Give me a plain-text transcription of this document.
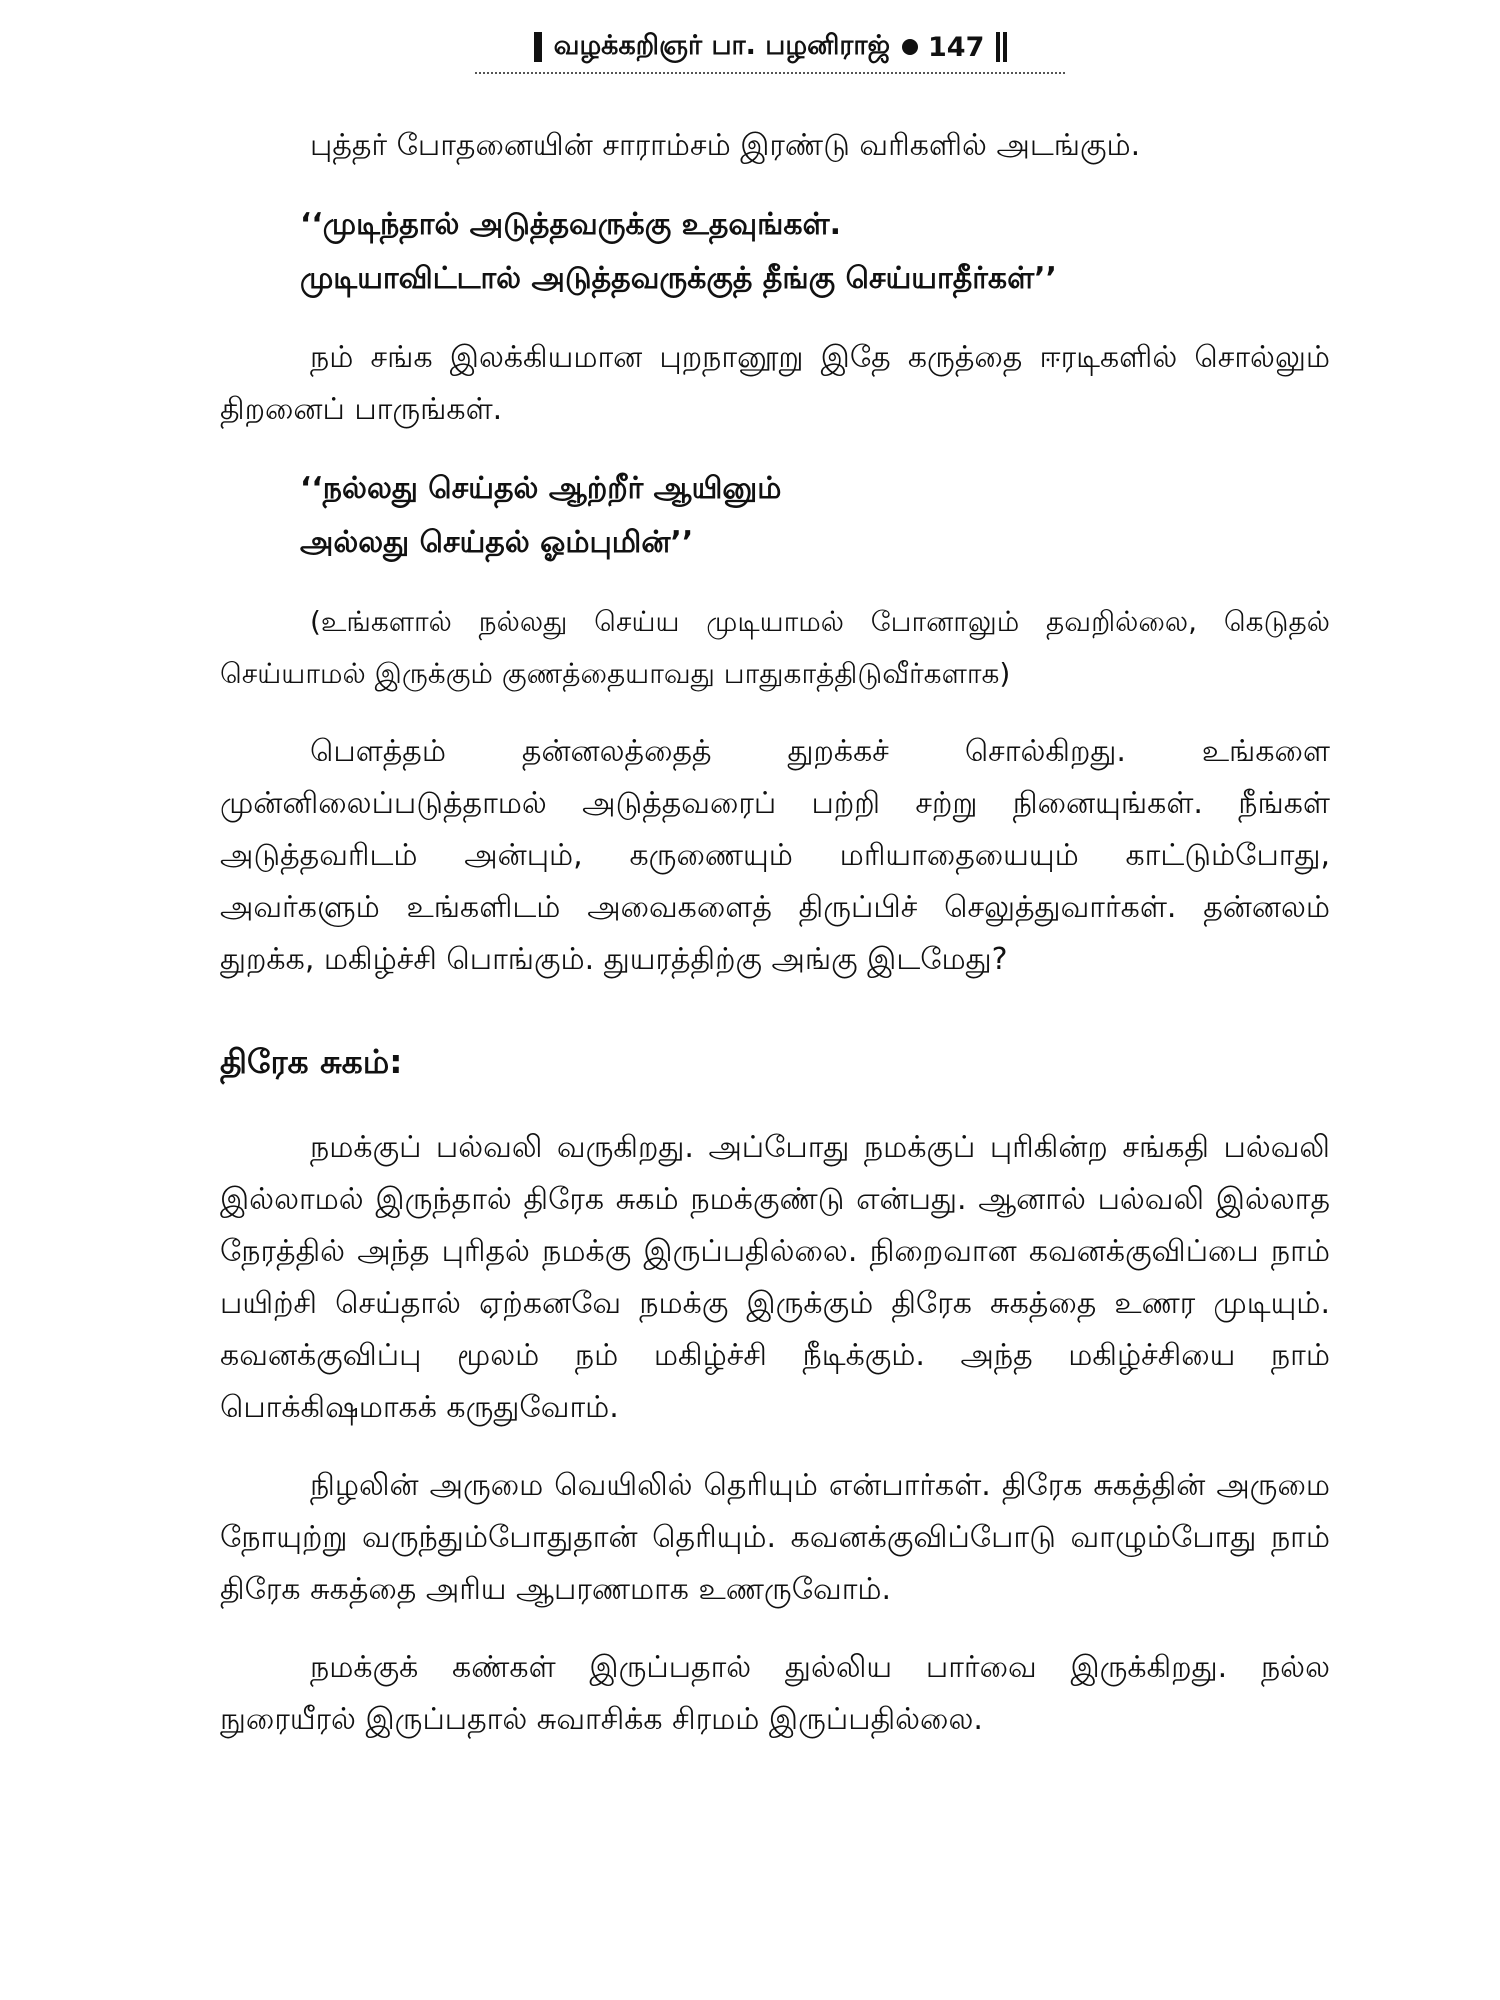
வழக்கறிஞர் பா. பழனிராஜ் 147

புத்தர் போதனையின் சாராம்சம் இரண்டு வரிகளில் அடங்கும்.

‘‘முடிந்தால் அடுத்தவருக்கு உதவுங்கள்.
முடியாவிட்டால் அடுத்தவருக்குத் தீங்கு செய்யாதீர்கள்’’

நம் சங்க இலக்கியமான புறநானூறு இதே கருத்தை ஈரடிகளில் சொல்லும் திறனைப் பாருங்கள்.

‘‘நல்லது செய்தல் ஆற்றீர் ஆயினும்
அல்லது செய்தல் ஓம்புமின்’’

(உங்களால் நல்லது செய்ய முடியாமல் போனாலும் தவறில்லை, கெடுதல் செய்யாமல் இருக்கும் குணத்தையாவது பாதுகாத்திடுவீர்களாக)

பௌத்தம் தன்னலத்தைத் துறக்கச் சொல்கிறது. உங்களை முன்னிலைப்படுத்தாமல் அடுத்தவரைப் பற்றி சற்று நினையுங்கள். நீங்கள் அடுத்தவரிடம் அன்பும், கருணையும் மரியாதையையும் காட்டும்போது, அவர்களும் உங்களிடம் அவைகளைத் திருப்பிச் செலுத்துவார்கள். தன்னலம் துறக்க, மகிழ்ச்சி பொங்கும். துயரத்திற்கு அங்கு இடமேது?

திரேக சுகம்:

நமக்குப் பல்வலி வருகிறது. அப்போது நமக்குப் புரிகின்ற சங்கதி பல்வலி இல்லாமல் இருந்தால் திரேக சுகம் நமக்குண்டு என்பது. ஆனால் பல்வலி இல்லாத நேரத்தில் அந்த புரிதல் நமக்கு இருப்பதில்லை. நிறைவான கவனக்குவிப்பை நாம் பயிற்சி செய்தால் ஏற்கனவே நமக்கு இருக்கும் திரேக சுகத்தை உணர முடியும். கவனக்குவிப்பு மூலம் நம் மகிழ்ச்சி நீடிக்கும். அந்த மகிழ்ச்சியை நாம் பொக்கிஷமாகக் கருதுவோம்.

நிழலின் அருமை வெயிலில் தெரியும் என்பார்கள். திரேக சுகத்தின் அருமை நோயுற்று வருந்தும்போதுதான் தெரியும். கவனக்குவிப்போடு வாழும்போது நாம் திரேக சுகத்தை அரிய ஆபரணமாக உணருவோம்.

நமக்குக் கண்கள் இருப்பதால் துல்லிய பார்வை இருக்கிறது. நல்ல நுரையீரல் இருப்பதால் சுவாசிக்க சிரமம் இருப்பதில்லை.
